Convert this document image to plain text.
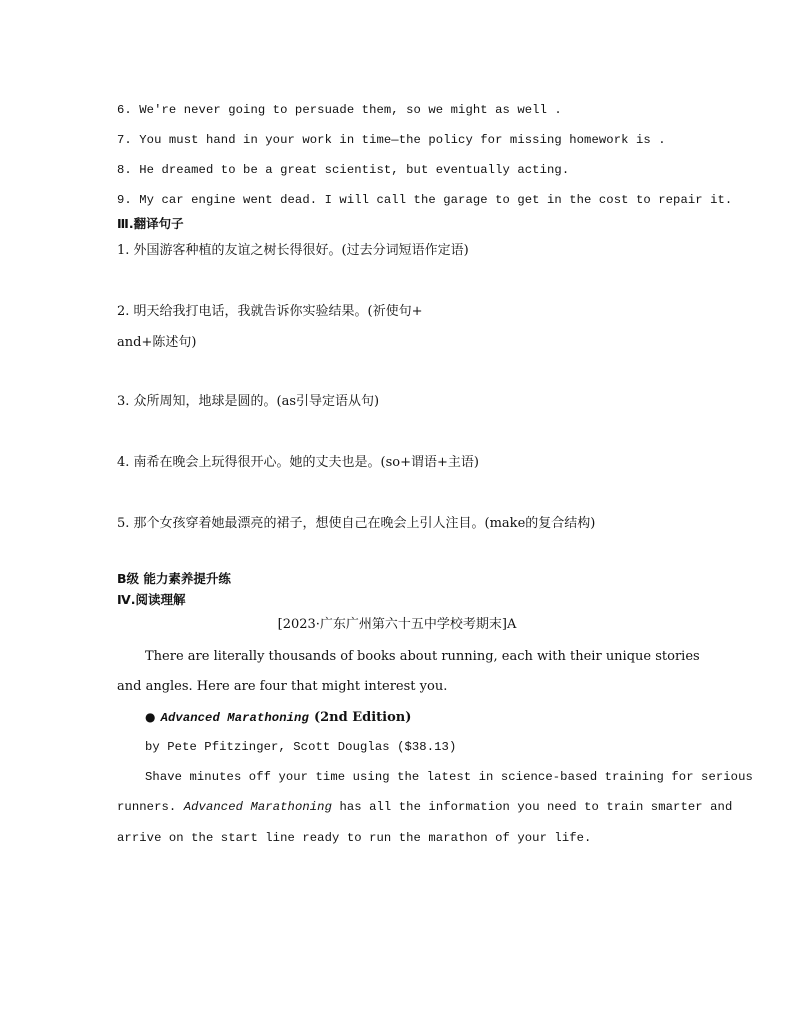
6. We're never going to persuade them, so we might as well .
7. You must hand in your work in time—the policy for missing homework is .
8. He dreamed to be a great scientist, but eventually acting.
9. My car engine went dead. I will call the garage to get in the cost to repair it.
Ⅲ.翻译句子
1. 外国游客种植的友谊之树长得很好。(过去分词短语作定语)
2. 明天给我打电话，我就告诉你实验结果。(祈使句+
and+陈述句)
3. 众所周知，地球是圆的。(as引导定语从句)
4. 南希在晚会上玩得很开心。她的丈夫也是。(so+谓语+主语)
5. 那个女孩穿着她最漂亮的裙子，想使自己在晚会上引人注目。(make的复合结构)
B级 能力素养提升练
Ⅳ.阅读理解
[2023·广东广州第六十五中学校考期末]A
There are literally thousands of books about running, each with their unique stories
and angles. Here are four that might interest you.
● Advanced Marathoning (2nd Edition)
by Pete Pfitzinger, Scott Douglas ($38.13)
Shave minutes off your time using the latest in science-based training for serious
runners. Advanced Marathoning has all the information you need to train smarter and
arrive on the start line ready to run the marathon of your life.
